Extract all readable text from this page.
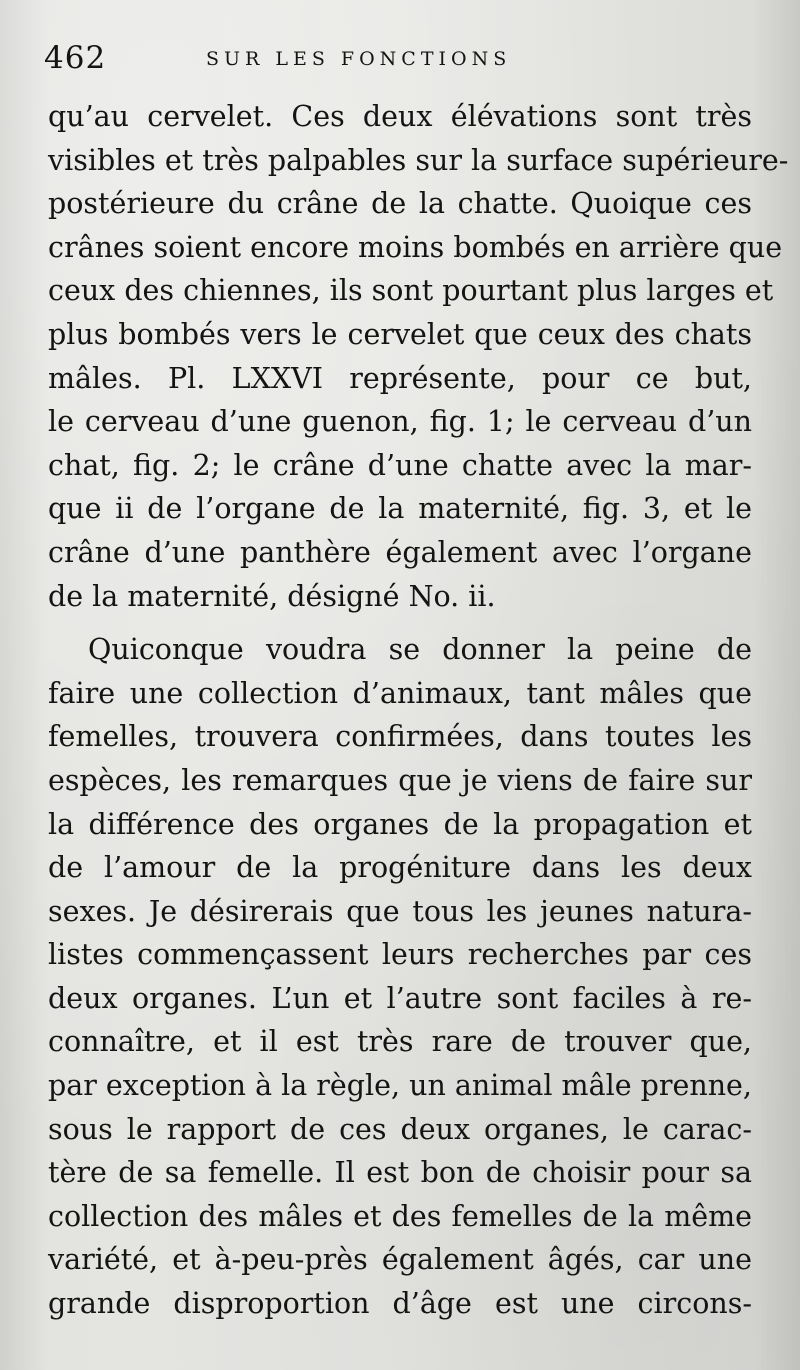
462	SUR LES FONCTIONS
qu’au cervelet. Ces deux élévations sont très
visibles et très palpables sur la surface supérieure-
postérieure du crâne de la chatte. Quoique ces
crânes soient encore moins bombés en arrière que
ceux des chiennes, ils sont pourtant plus larges et
plus bombés vers le cervelet que ceux des chats
mâles. Pl. LXXVI représente, pour ce but,
le cerveau d’une guenon, fig. 1; le cerveau d’un
chat, fig. 2; le crâne d’une chatte avec la mar-
que ii de l’organe de la maternité, fig. 3, et le
crâne d’une panthère également avec l’organe
de la maternité, désigné No. ii.
Quiconque voudra se donner la peine de
faire une collection d’animaux, tant mâles que
femelles, trouvera confirmées, dans toutes les
espèces, les remarques que je viens de faire sur
la différence des organes de la propagation et
de l’amour de la progéniture dans les deux
sexes. Je désirerais que tous les jeunes natura-
listes commençassent leurs recherches par ces
deux organes. L’un et l’autre sont faciles à re-
connaître, et il est très rare de trouver que,
par exception à la règle, un animal mâle prenne,
sous le rapport de ces deux organes, le carac-
tère de sa femelle. Il est bon de choisir pour sa
collection des mâles et des femelles de la même
variété, et à-peu-près également âgés, car une
grande disproportion d’âge est une circons-
